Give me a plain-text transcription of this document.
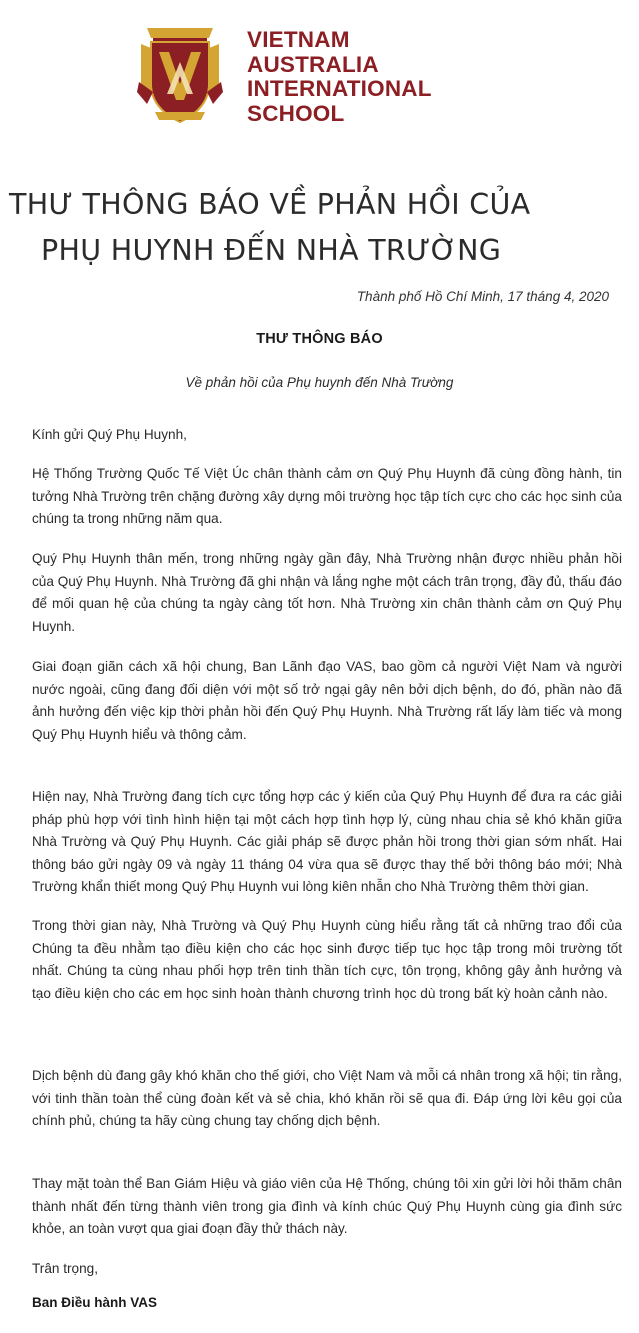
VIETNAM
AUSTRALIA
INTERNATIONAL
SCHOOL
THƯ THÔNG BÁO VỀ PHẢN HỒI CỦA
PHỤ HUYNH ĐẾN NHÀ TRƯỜNG
Thành phố Hồ Chí Minh, 17 tháng 4, 2020
THƯ THÔNG BÁO
Về phản hồi của Phụ huynh đến Nhà Trường
Kính gửi Quý Phụ Huynh,
Hệ Thống Trường Quốc Tế Việt Úc chân thành cảm ơn Quý Phụ Huynh đã cùng đồng hành, tin tưởng Nhà Trường trên chặng đường xây dựng môi trường học tập tích cực cho các học sinh của chúng ta trong những năm qua.
Quý Phụ Huynh thân mến, trong những ngày gần đây, Nhà Trường nhận được nhiều phản hồi của Quý Phụ Huynh. Nhà Trường đã ghi nhận và lắng nghe một cách trân trọng, đầy đủ, thấu đáo để mối quan hệ của chúng ta ngày càng tốt hơn. Nhà Trường xin chân thành cảm ơn Quý Phụ Huynh.
Giai đoạn giãn cách xã hội chung, Ban Lãnh đạo VAS, bao gồm cả người Việt Nam và người nước ngoài, cũng đang đối diện với một số trở ngại gây nên bởi dịch bệnh, do đó, phần nào đã ảnh hưởng đến việc kịp thời phản hồi đến Quý Phụ Huynh. Nhà Trường rất lấy làm tiếc và mong Quý Phụ Huynh hiểu và thông cảm.
Hiện nay, Nhà Trường đang tích cực tổng hợp các ý kiến của Quý Phụ Huynh để đưa ra các giải pháp phù hợp với tình hình hiện tại một cách hợp tình hợp lý, cùng nhau chia sẻ khó khăn giữa Nhà Trường và Quý Phụ Huynh. Các giải pháp sẽ được phản hồi trong thời gian sớm nhất. Hai thông báo gửi ngày 09 và ngày 11 tháng 04 vừa qua sẽ được thay thế bởi thông báo mới; Nhà Trường khẩn thiết mong Quý Phụ Huynh vui lòng kiên nhẫn cho Nhà Trường thêm thời gian.
Trong thời gian này, Nhà Trường và Quý Phụ Huynh cùng hiểu rằng tất cả những trao đổi của Chúng ta đều nhằm tạo điều kiện cho các học sinh được tiếp tục học tập trong môi trường tốt nhất. Chúng ta cùng nhau phối hợp trên tinh thần tích cực, tôn trọng, không gây ảnh hưởng và tạo điều kiện cho các em học sinh hoàn thành chương trình học dù trong bất kỳ hoàn cảnh nào.
Dịch bệnh dù đang gây khó khăn cho thế giới, cho Việt Nam và mỗi cá nhân trong xã hội; tin rằng, với tinh thần toàn thể cùng đoàn kết và sẻ chia, khó khăn rồi sẽ qua đi. Đáp ứng lời kêu gọi của chính phủ, chúng ta hãy cùng chung tay chống dịch bệnh.
Thay mặt toàn thể Ban Giám Hiệu và giáo viên của Hệ Thống, chúng tôi xin gửi lời hỏi thăm chân thành nhất đến từng thành viên trong gia đình và kính chúc Quý Phụ Huynh cùng gia đình sức khỏe, an toàn vượt qua giai đoạn đầy thử thách này.
Trân trọng,
Ban Điều hành VAS
